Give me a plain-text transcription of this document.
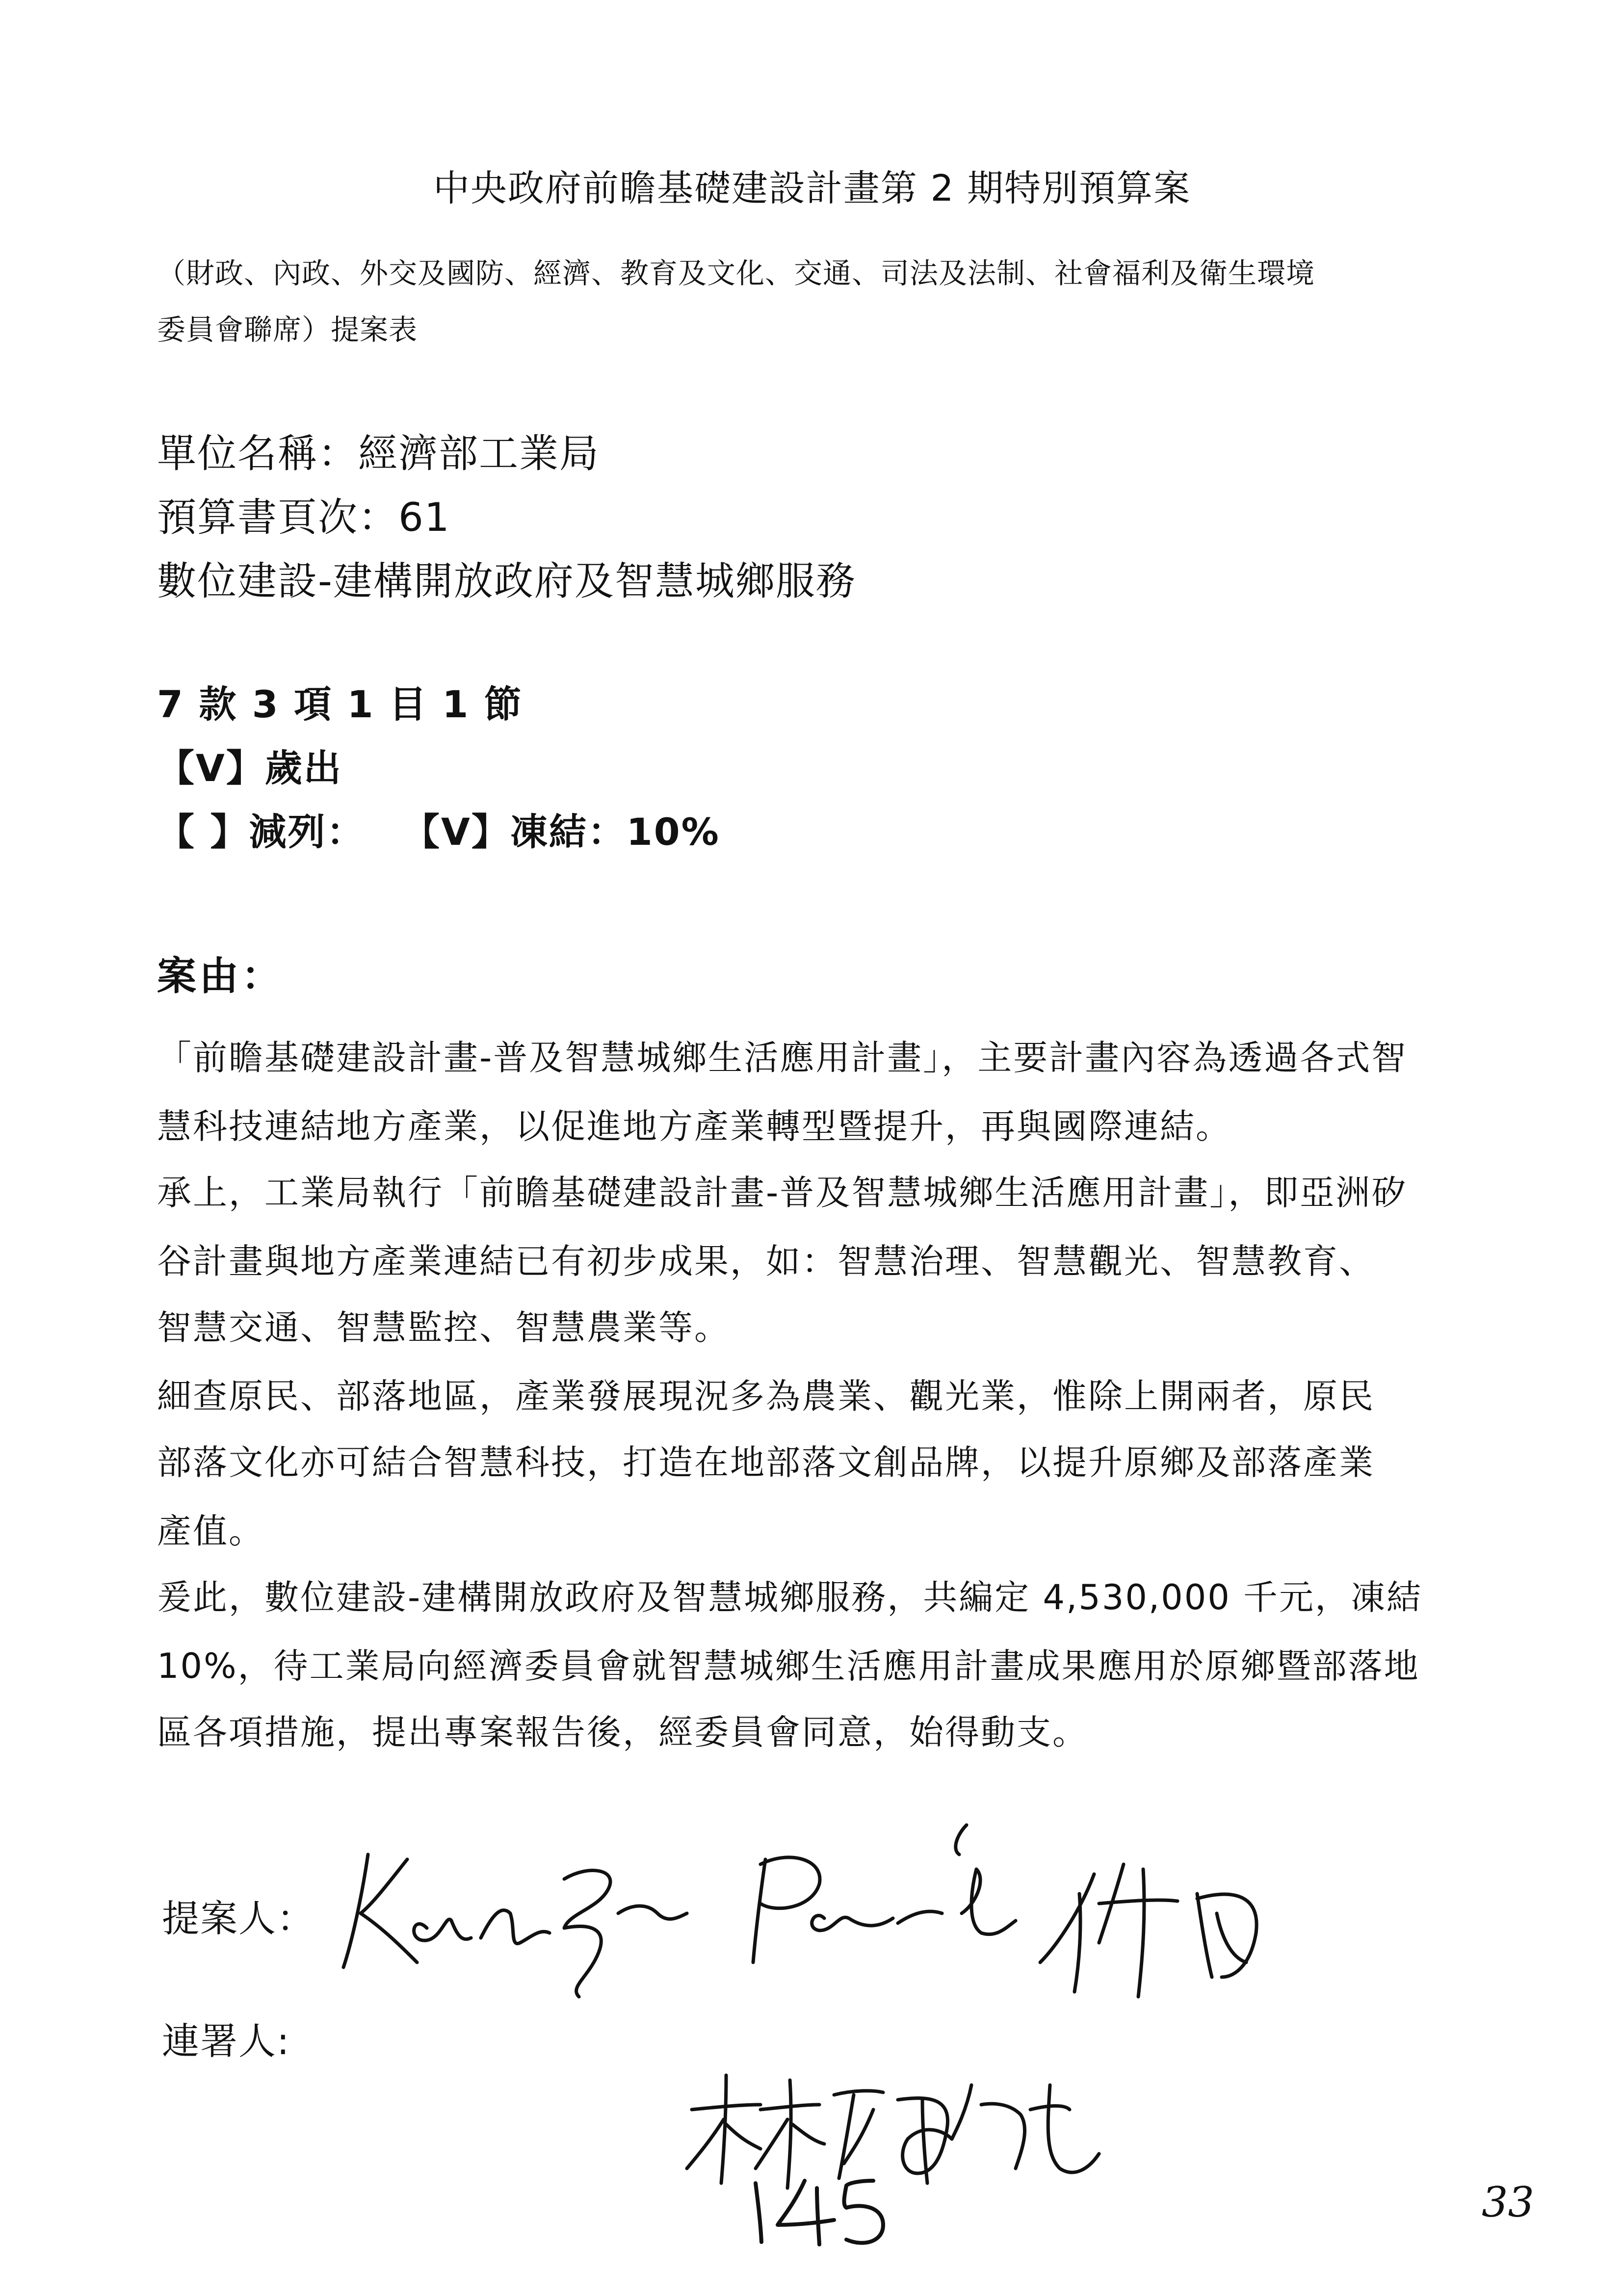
中央政府前瞻基礎建設計畫第 2 期特別預算案
（財政、內政、外交及國防、經濟、教育及文化、交通、司法及法制、社會福利及衛生環境
委員會聯席）提案表
單位名稱：經濟部工業局
預算書頁次：61
數位建設-建構開放政府及智慧城鄉服務
7 款 3 項 1 目 1 節
【V】歲出
【 】減列： 【V】凍結：10%
案由：
「前瞻基礎建設計畫-普及智慧城鄉生活應用計畫」，主要計畫內容為透過各式智
慧科技連結地方產業，以促進地方產業轉型暨提升，再與國際連結。
承上，工業局執行「前瞻基礎建設計畫-普及智慧城鄉生活應用計畫」，即亞洲矽
谷計畫與地方產業連結已有初步成果，如：智慧治理、智慧觀光、智慧教育、
智慧交通、智慧監控、智慧農業等。
細查原民、部落地區，產業發展現況多為農業、觀光業，惟除上開兩者，原民
部落文化亦可結合智慧科技，打造在地部落文創品牌，以提升原鄉及部落產業
產值。
爰此，數位建設-建構開放政府及智慧城鄉服務，共編定 4,530,000 千元，凍結
10%，待工業局向經濟委員會就智慧城鄉生活應用計畫成果應用於原鄉暨部落地
區各項措施，提出專案報告後，經委員會同意，始得動支。
提案人：
連署人:
33
